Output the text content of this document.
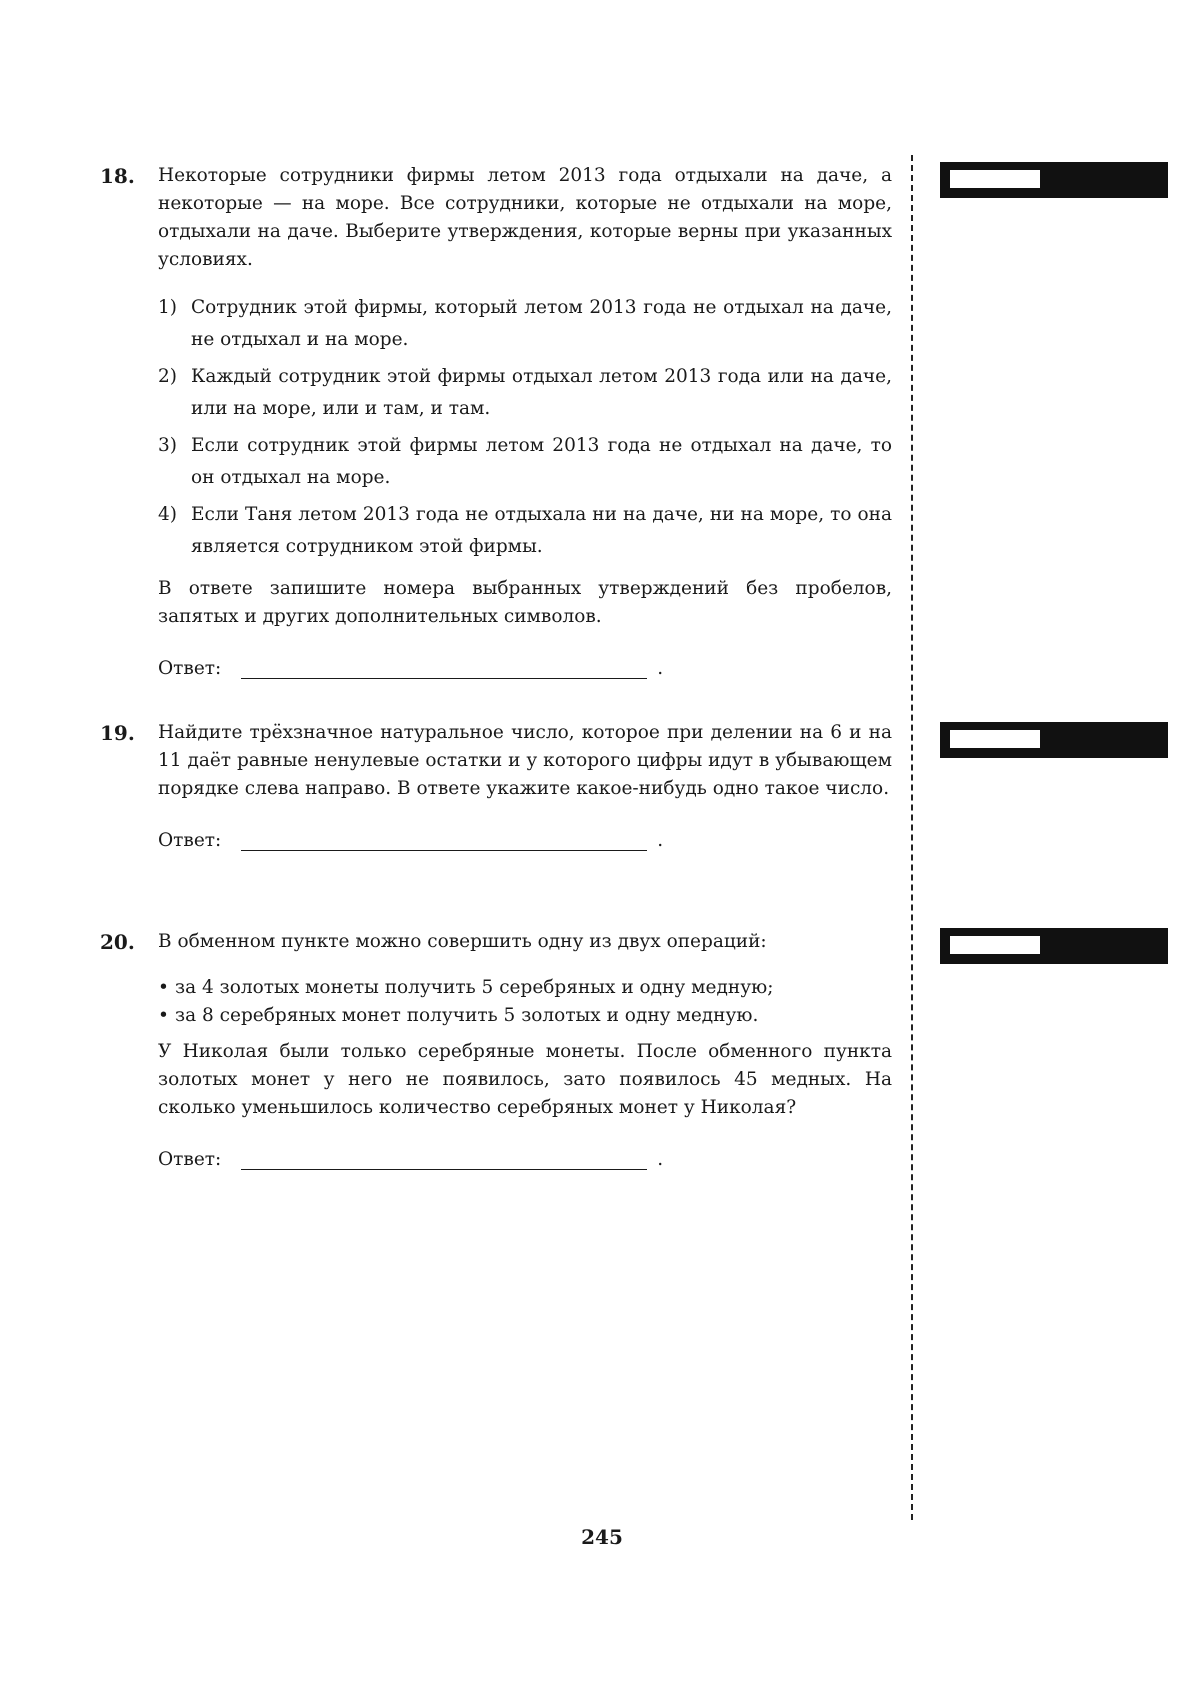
18. Некоторые сотрудники фирмы летом 2013 года отдыхали на даче, а некоторые — на море. Все сотрудники, которые не отдыхали на море, отдыхали на даче. Выберите утверждения, которые верны при указанных условиях.

1) Сотрудник этой фирмы, который летом 2013 года не отдыхал на даче, не отдыхал и на море.
2) Каждый сотрудник этой фирмы отдыхал летом 2013 года или на даче, или на море, или и там, и там.
3) Если сотрудник этой фирмы летом 2013 года не отдыхал на даче, то он отдыхал на море.
4) Если Таня летом 2013 года не отдыхала ни на даче, ни на море, то она является сотрудником этой фирмы.

В ответе запишите номера выбранных утверждений без пробелов, запятых и других дополнительных символов.

Ответ:	.
19. Найдите трёхзначное натуральное число, которое при делении на 6 и на 11 даёт равные ненулевые остатки и у которого цифры идут в убывающем порядке слева направо. В ответе укажите какое-нибудь одно такое число.

Ответ:	.
20. В обменном пункте можно совершить одну из двух операций:

• за 4 золотых монеты получить 5 серебряных и одну медную;
• за 8 серебряных монет получить 5 золотых и одну медную.

У Николая были только серебряные монеты. После обменного пункта золотых монет у него не появилось, зато появилось 45 медных. На сколько уменьшилось количество серебряных монет у Николая?

Ответ:	.
245
